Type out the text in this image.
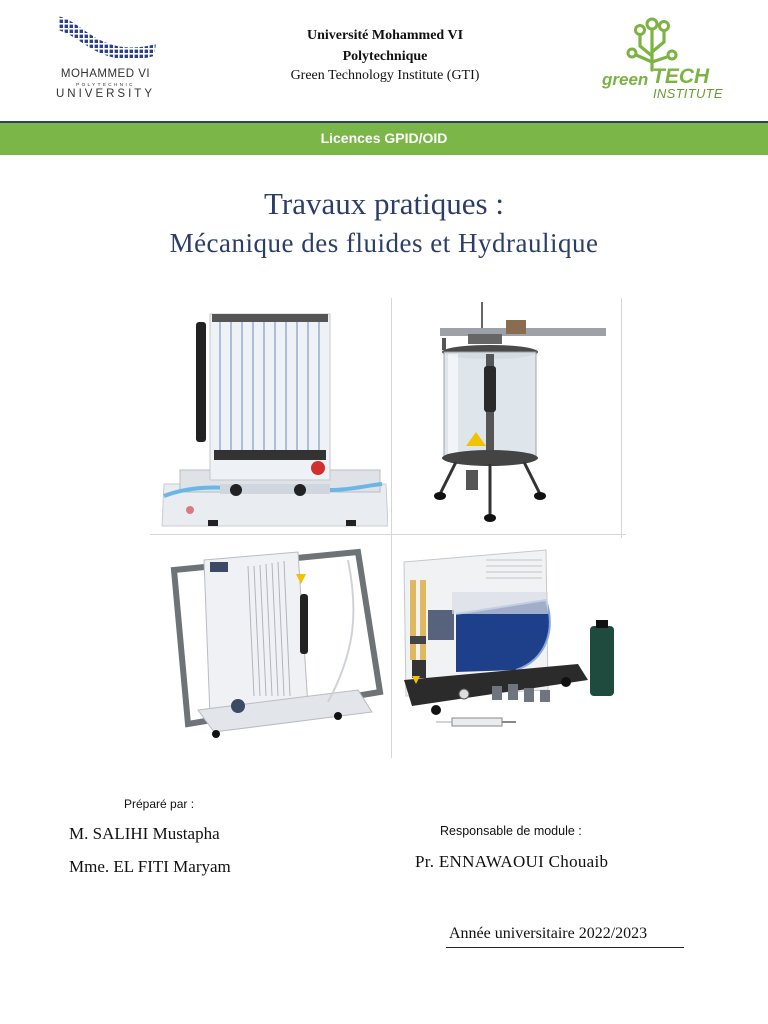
MOHAMMED VI
POLYTECHNIC
UNIVERSITY
Université Mohammed VI
Polytechnique
Green Technology Institute (GTI)	green TECH
INSTITUTE
Licences GPID/OID
Travaux pratiques :
Mécanique des fluides et Hydraulique
Préparé par :
M. SALIHI Mustapha
Mme. EL FITI Maryam
Responsable de module :
Pr. ENNAWAOUI Chouaib
Année universitaire 2022/2023
